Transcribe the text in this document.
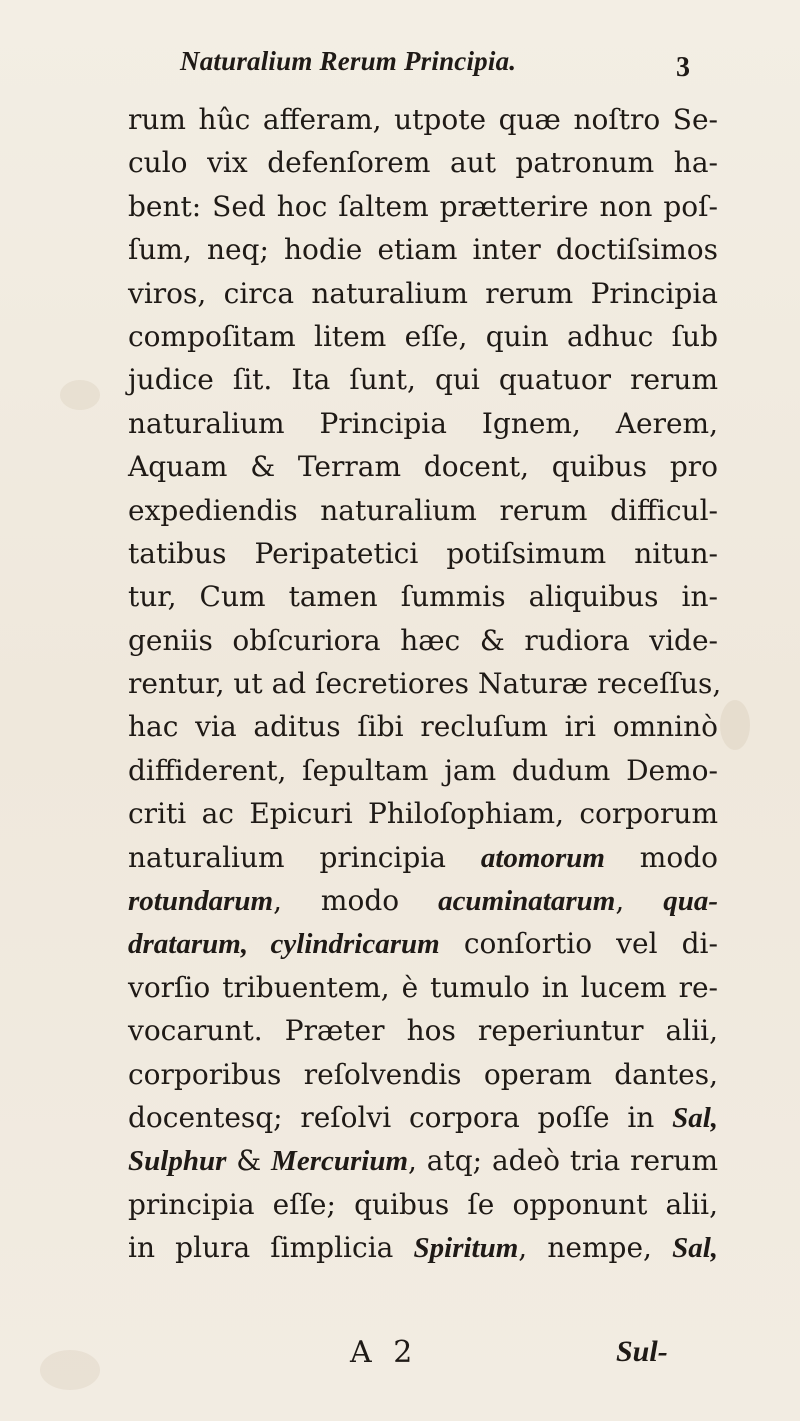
Naturalium Rerum Principia.	3
rum hûc afferam, utpote quæ noſtro Se-
culo vix defenſorem aut patronum ha-
bent: Sed hoc ſaltem prætterire non poſ-
ſum, neq; hodie etiam inter doctiſsimos
viros, circa naturalium rerum Principia
compoſitam litem eſſe, quin adhuc ſub
judice ſit. Ita ſunt, qui quatuor rerum
naturalium Principia Ignem, Aerem,
Aquam & Terram docent, quibus pro
expediendis naturalium rerum difficul-
tatibus Peripatetici potiſsimum nitun-
tur, Cum tamen ſummis aliquibus in-
geniis obſcuriora hæc & rudiora vide-
rentur, ut ad ſecretiores Naturæ receſſus,
hac via aditus ſibi recluſum iri omninò
diffiderent, ſepultam jam dudum Demo-
criti ac Epicuri Philoſophiam, corporum
naturalium principia atomorum modo
rotundarum, modo acuminatarum, qua-
dratarum, cylindricarum conſortio vel di-
vorſio tribuentem, è tumulo in lucem re-
vocarunt. Præter hos reperiuntur alii,
corporibus reſolvendis operam dantes,
docentesq; reſolvi corpora poſſe in Sal,
Sulphur & Mercurium, atq; adeò tria rerum
principia eſſe; quibus ſe opponunt alii,
in plura ſimplicia Spiritum, nempe, Sal,
A 2	Sul-
